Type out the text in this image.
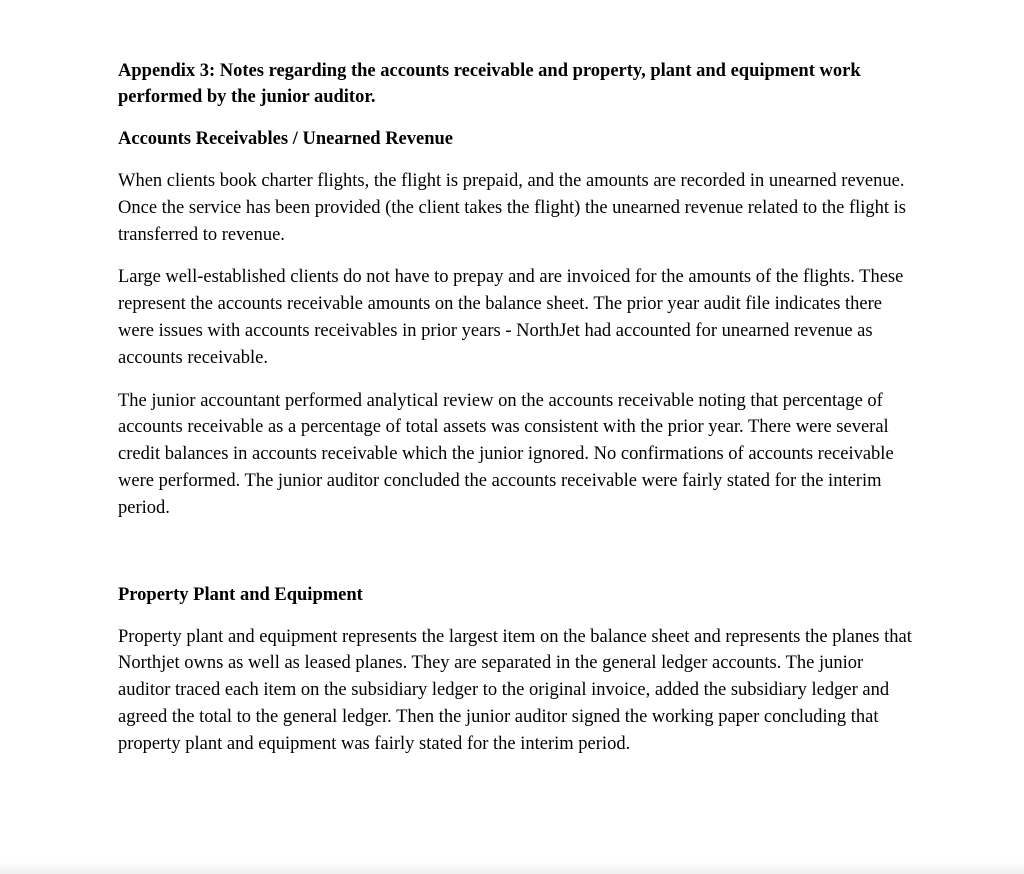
Appendix 3: Notes regarding the accounts receivable and property, plant and equipment work performed by the junior auditor.
Accounts Receivables / Unearned Revenue

When clients book charter flights, the flight is prepaid, and the amounts are recorded in unearned revenue. Once the service has been provided (the client takes the flight) the unearned revenue related to the flight is transferred to revenue.

Large well-established clients do not have to prepay and are invoiced for the amounts of the flights. These represent the accounts receivable amounts on the balance sheet. The prior year audit file indicates there were issues with accounts receivables in prior years - NorthJet had accounted for unearned revenue as accounts receivable.

The junior accountant performed analytical review on the accounts receivable noting that percentage of accounts receivable as a percentage of total assets was consistent with the prior year. There were several credit balances in accounts receivable which the junior ignored. No confirmations of accounts receivable were performed. The junior auditor concluded the accounts receivable were fairly stated for the interim period.

Property Plant and Equipment

Property plant and equipment represents the largest item on the balance sheet and represents the planes that Northjet owns as well as leased planes. They are separated in the general ledger accounts. The junior auditor traced each item on the subsidiary ledger to the original invoice, added the subsidiary ledger and agreed the total to the general ledger. Then the junior auditor signed the working paper concluding that property plant and equipment was fairly stated for the interim period.
